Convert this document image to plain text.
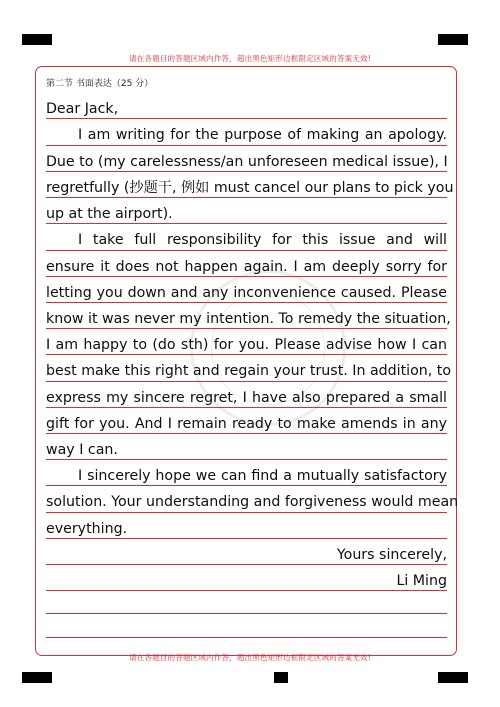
请在各题目的答题区域内作答，超出黑色矩形边框限定区域的答案无效!
请在各题目的答题区域内作答，超出黑色矩形边框限定区域的答案无效!
第二节 书面表达（25 分）
Dear Jack,
I am writing for the purpose of making an apology.
Due to (my carelessness/an unforeseen medical issue), I
regretfully (抄题干, 例如 must cancel our plans to pick you
up at the airport).
I take full responsibility for this issue and will
ensure it does not happen again. I am deeply sorry for
letting you down and any inconvenience caused. Please
know it was never my intention. To remedy the situation,
I am happy to (do sth) for you. Please advise how I can
best make this right and regain your trust. In addition, to
express my sincere regret, I have also prepared a small
gift for you. And I remain ready to make amends in any
way I can.
I sincerely hope we can find a mutually satisfactory
solution. Your understanding and forgiveness would mean
everything.
Yours sincerely,
Li Ming
